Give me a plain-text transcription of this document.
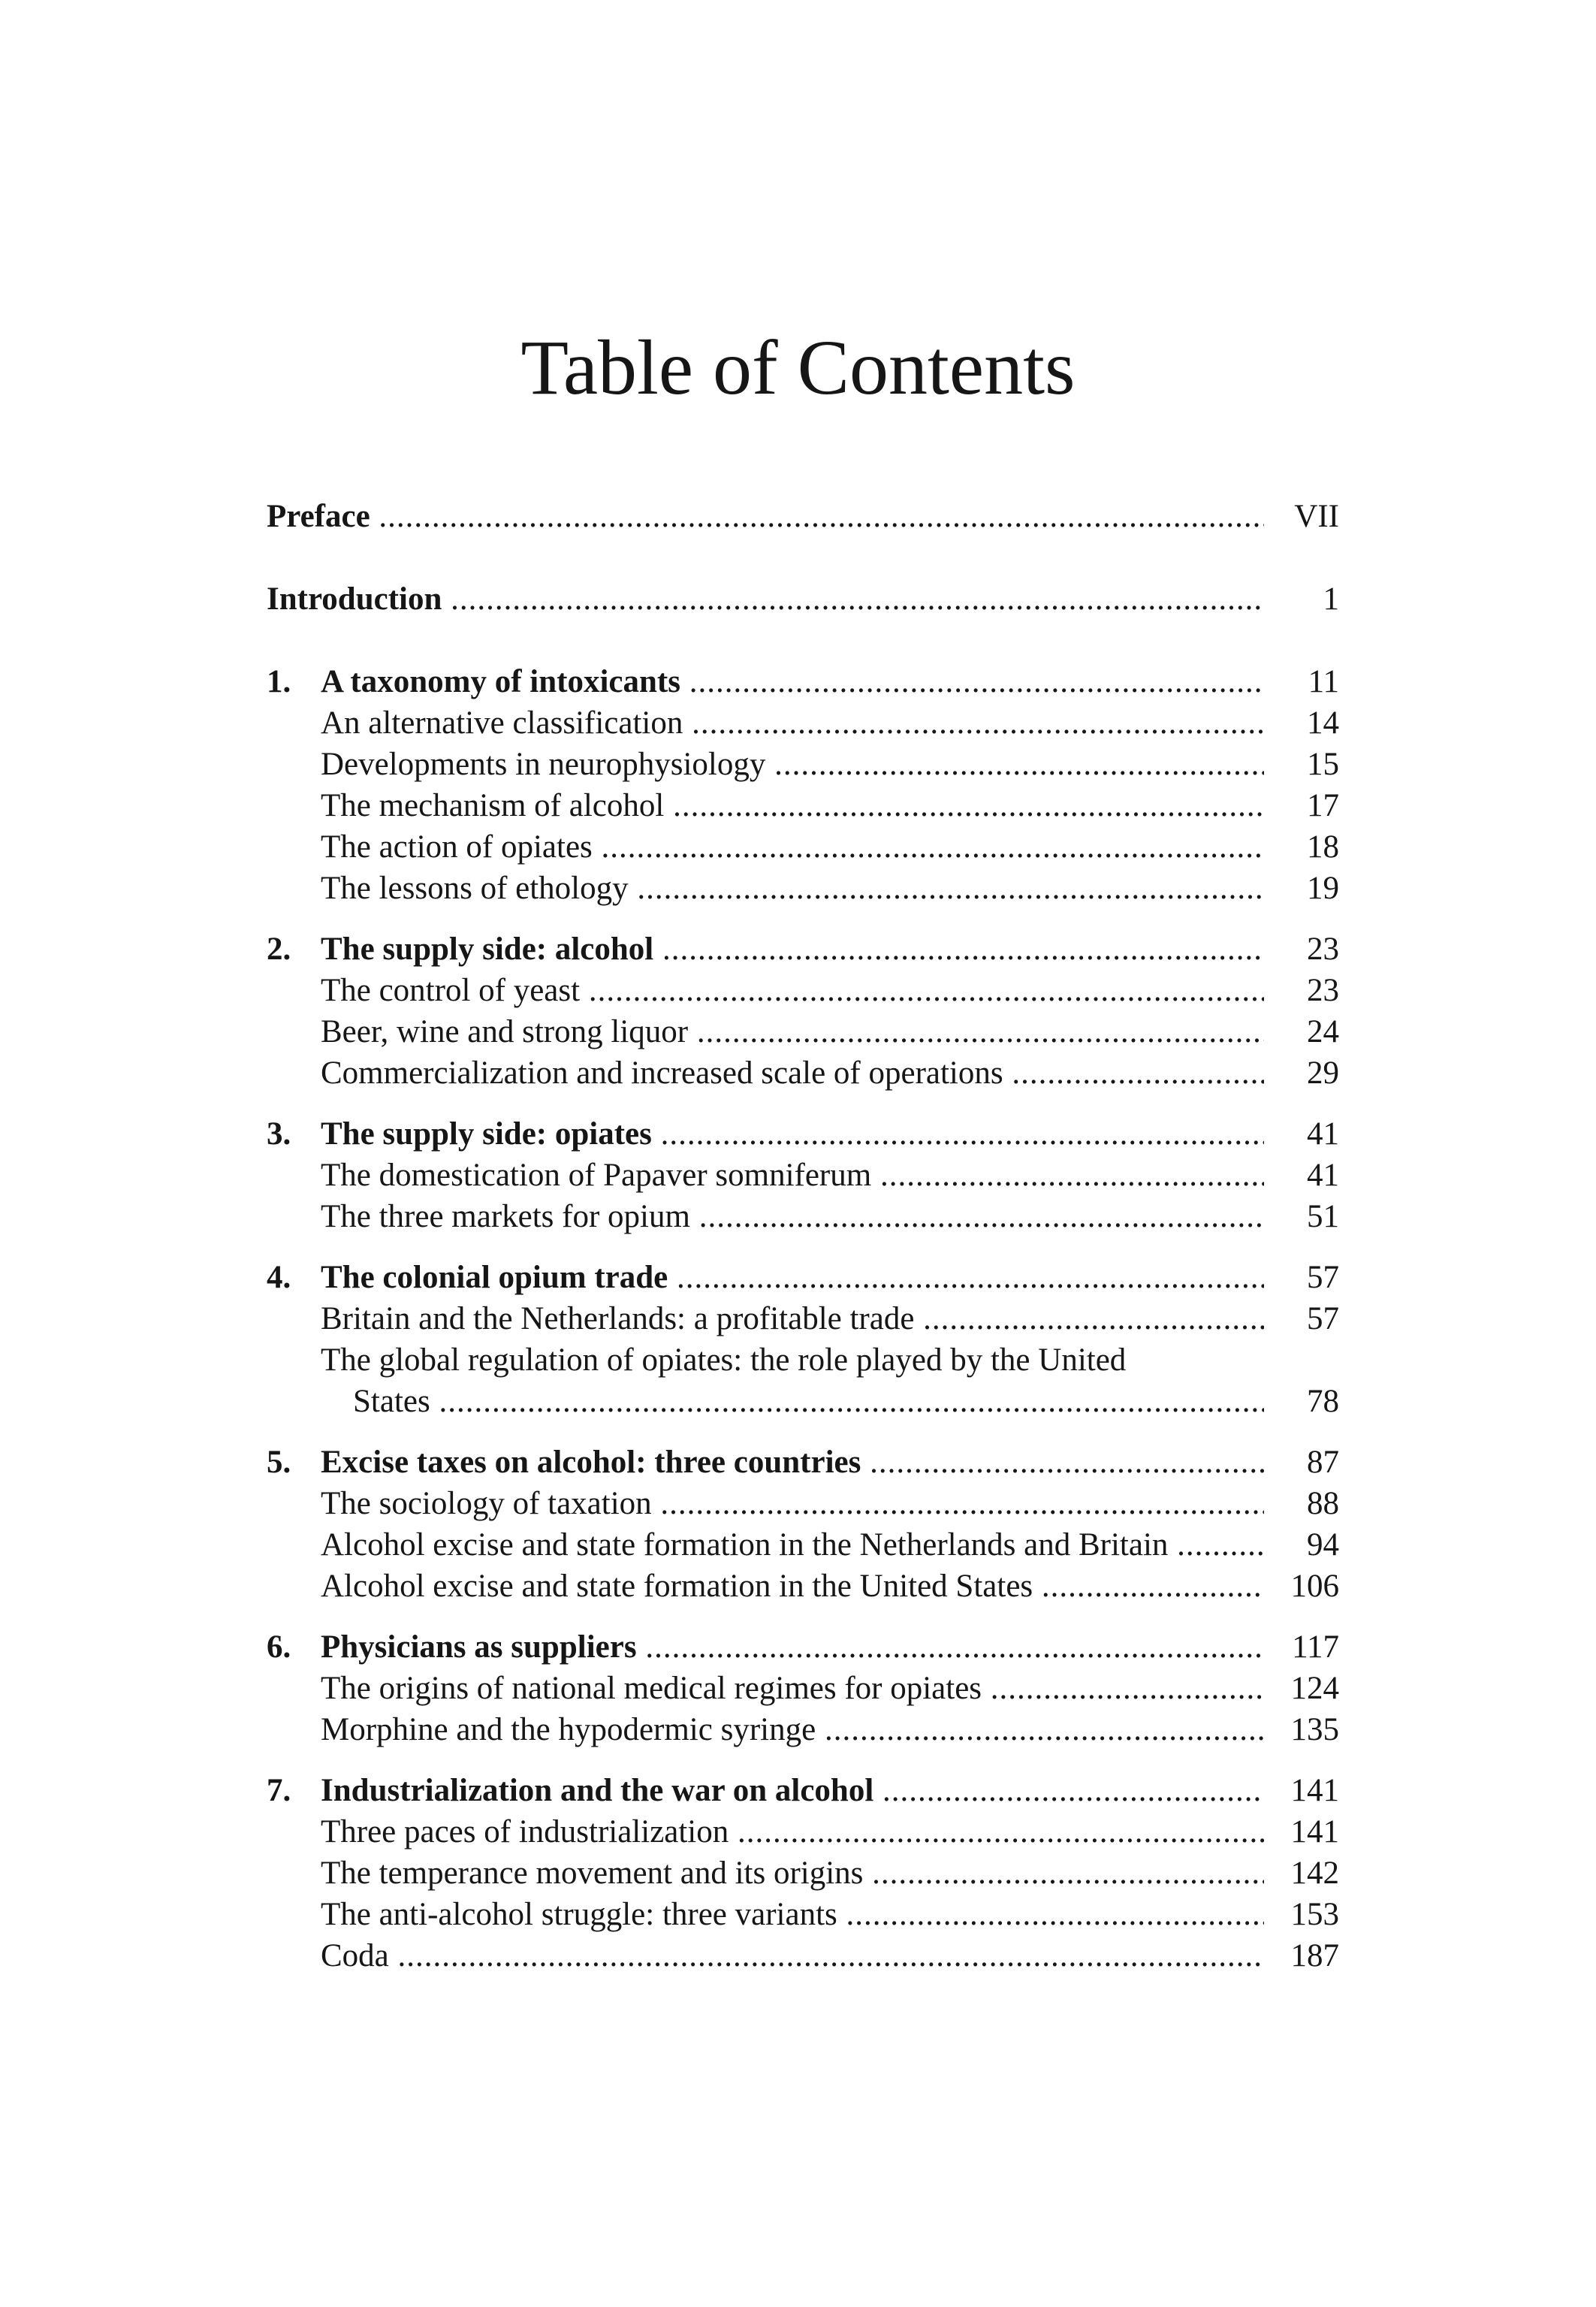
Table of Contents
Preface .....	VII
Introduction .....	1
1. A taxonomy of intoxicants .....	11
An alternative classification .....	14
Developments in neurophysiology .....	15
The mechanism of alcohol .....	17
The action of opiates .....	18
The lessons of ethology .....	19
2. The supply side: alcohol .....	23
The control of yeast .....	23
Beer, wine and strong liquor .....	24
Commercialization and increased scale of operations .....	29
3. The supply side: opiates .....	41
The domestication of Papaver somniferum .....	41
The three markets for opium .....	51
4. The colonial opium trade .....	57
Britain and the Netherlands: a profitable trade .....	57
The global regulation of opiates: the role played by the United
States .....	78
5. Excise taxes on alcohol: three countries .....	87
The sociology of taxation .....	88
Alcohol excise and state formation in the Netherlands and Britain .....	94
Alcohol excise and state formation in the United States .....	106
6. Physicians as suppliers .....	117
The origins of national medical regimes for opiates .....	124
Morphine and the hypodermic syringe .....	135
7. Industrialization and the war on alcohol .....	141
Three paces of industrialization .....	141
The temperance movement and its origins .....	142
The anti-alcohol struggle: three variants .....	153
Coda .....	187
